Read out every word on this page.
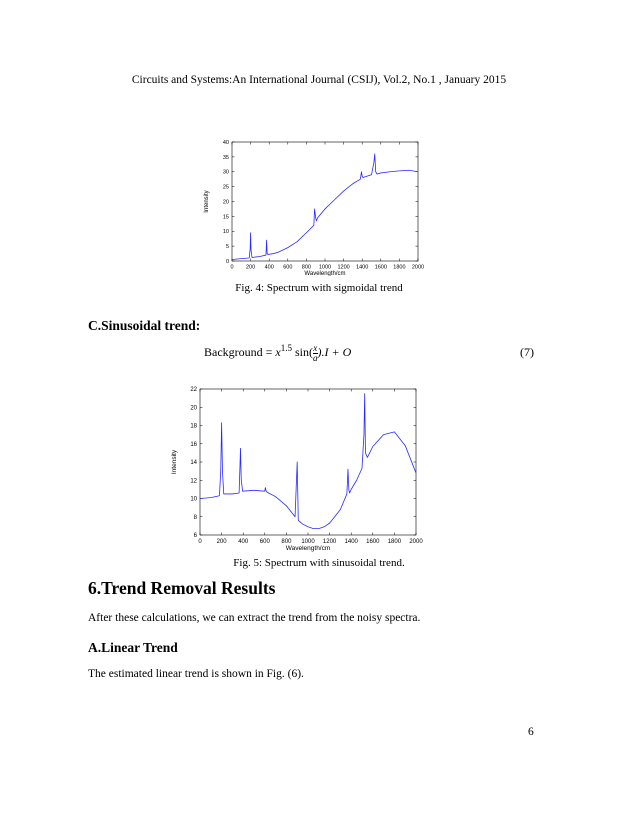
Circuits and Systems:An International Journal (CSIJ), Vol.2, No.1 , January 2015
0 200 400 600 800 1000 1200 1400 1600 1800 2000
0
5
10
15
20
25
30
35
40
Wavelength/cm
Intensity
Fig. 4: Spectrum with sigmoidal trend
C.Sinusoidal trend:
Background = $x^{1.5}$ $\sin( \frac{x}{a} ).I + O$	(7)
0 200 400 600 800 1000 1200 1400 1600 1800 2000
6
8
10
12
14
16
18
20
22
Wavelength/cm
Intensity
Fig. 5: Spectrum with sinusoidal trend.
6.Trend Removal Results
After these calculations, we can extract the trend from the noisy spectra.
A.Linear Trend
The estimated linear trend is shown in Fig. (6).
6
